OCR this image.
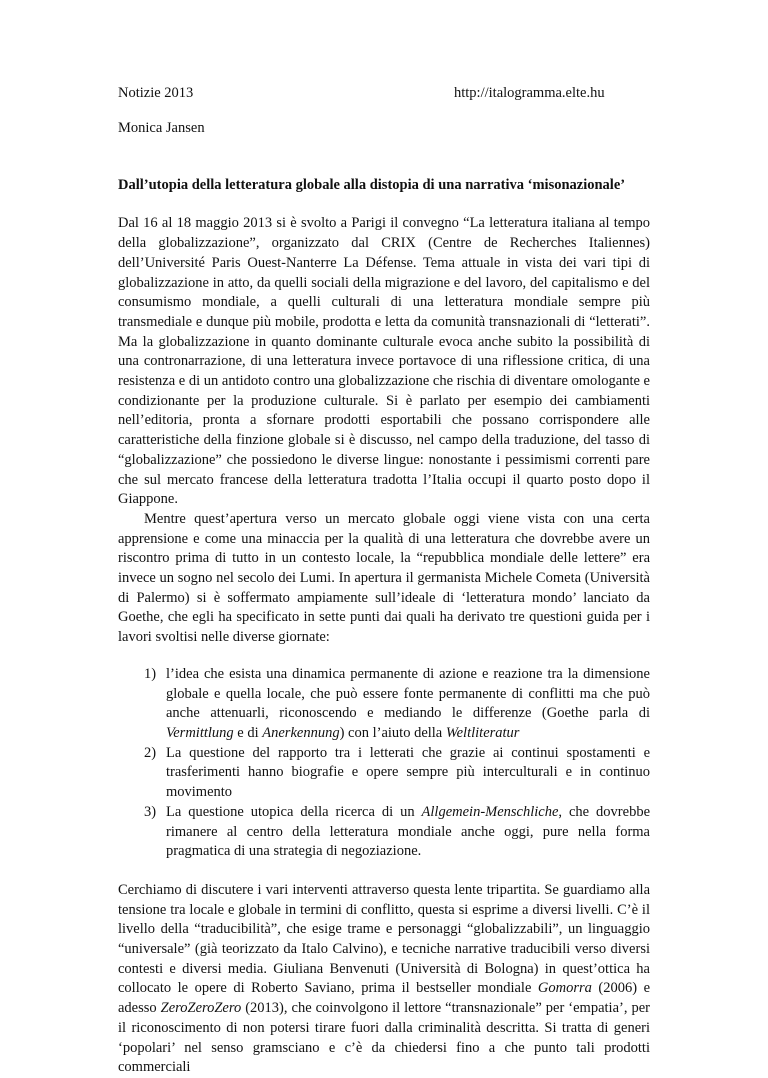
Notizie 2013	http://italogramma.elte.hu
Monica Jansen
Dall’utopia della letteratura globale alla distopia di una narrativa ‘misonazionale’

Dal 16 al 18 maggio 2013 si è svolto a Parigi il convegno “La letteratura italiana al tempo della globalizzazione”, organizzato dal CRIX (Centre de Recherches Italiennes) dell’Université Paris Ouest-Nanterre La Défense. Tema attuale in vista dei vari tipi di globalizzazione in atto, da quelli sociali della migrazione e del lavoro, del capitalismo e del consumismo mondiale, a quelli culturali di una letteratura mondiale sempre più transmediale e dunque più mobile, prodotta e letta da comunità transnazionali di “letterati”. Ma la globalizzazione in quanto dominante culturale evoca anche subito la possibilità di una contronarrazione, di una letteratura invece portavoce di una riflessione critica, di una resistenza e di un antidoto contro una globalizzazione che rischia di diventare omologante e condizionante per la produzione culturale. Si è parlato per esempio dei cambiamenti nell’editoria, pronta a sfornare prodotti esportabili che possano corrispondere alle caratteristiche della finzione globale si è discusso, nel campo della traduzione, del tasso di “globalizzazione” che possiedono le diverse lingue: nonostante i pessimismi correnti pare che sul mercato francese della letteratura tradotta l’Italia occupi il quarto posto dopo il Giappone.

Mentre quest’apertura verso un mercato globale oggi viene vista con una certa apprensione e come una minaccia per la qualità di una letteratura che dovrebbe avere un riscontro prima di tutto in un contesto locale, la “repubblica mondiale delle lettere” era invece un sogno nel secolo dei Lumi. In apertura il germanista Michele Cometa (Università di Palermo) si è soffermato ampiamente sull’ideale di ‘letteratura mondo’ lanciato da Goethe, che egli ha specificato in sette punti dai quali ha derivato tre questioni guida per i lavori svoltisi nelle diverse giornate:

1) l’idea che esista una dinamica permanente di azione e reazione tra la dimensione globale e quella locale, che può essere fonte permanente di conflitti ma che può anche attenuarli, riconoscendo e mediando le differenze (Goethe parla di Vermittlung e di Anerkennung) con l’aiuto della Weltliteratur
2) La questione del rapporto tra i letterati che grazie ai continui spostamenti e trasferimenti hanno biografie e opere sempre più interculturali e in continuo movimento
3) La questione utopica della ricerca di un Allgemein-Menschliche, che dovrebbe rimanere al centro della letteratura mondiale anche oggi, pure nella forma pragmatica di una strategia di negoziazione.

Cerchiamo di discutere i vari interventi attraverso questa lente tripartita. Se guardiamo alla tensione tra locale e globale in termini di conflitto, questa si esprime a diversi livelli. C’è il livello della “traducibilità”, che esige trame e personaggi “globalizzabili”, un linguaggio “universale” (già teorizzato da Italo Calvino), e tecniche narrative traducibili verso diversi contesti e diversi media. Giuliana Benvenuti (Università di Bologna) in quest’ottica ha collocato le opere di Roberto Saviano, prima il bestseller mondiale Gomorra (2006) e adesso ZeroZeroZero (2013), che coinvolgono il lettore “transnazionale” per ‘empatia’, per il riconoscimento di non potersi tirare fuori dalla criminalità descritta. Si tratta di generi ‘popolari’ nel senso gramsciano e c’è da chiedersi fino a che punto tali prodotti commerciali
